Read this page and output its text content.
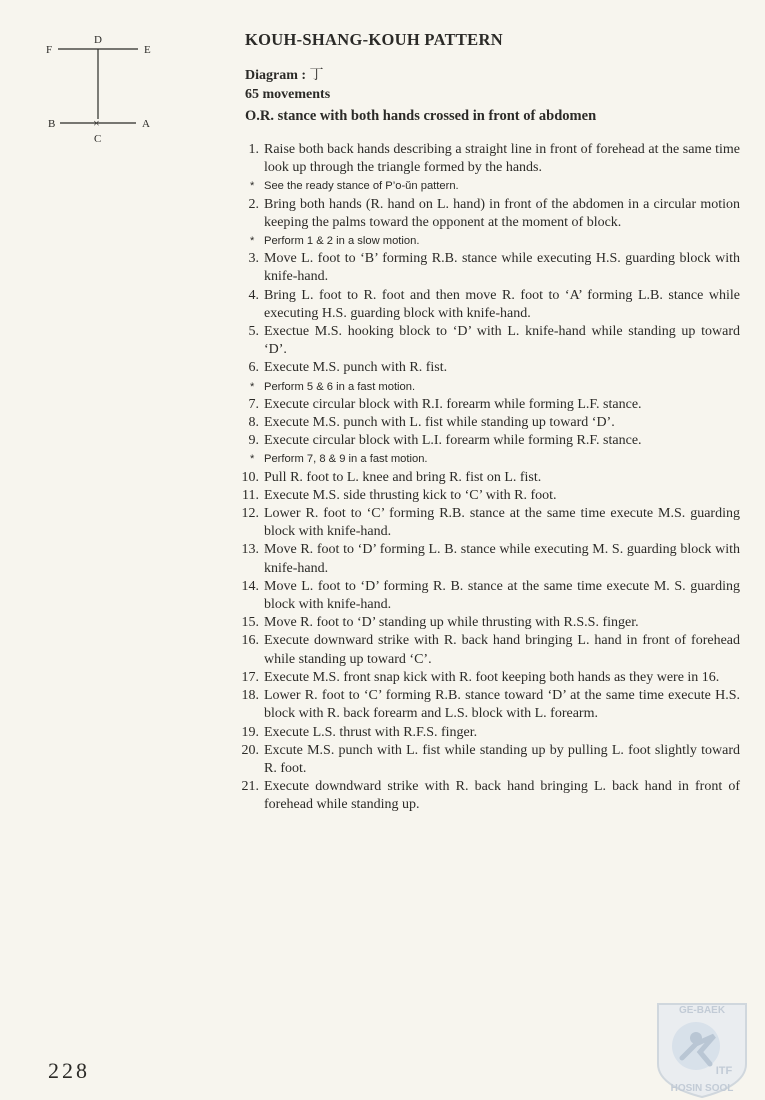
F
D
E
B	×	A
C
KOUH-SHANG-KOUH PATTERN

Diagram : 丁

65 movements

O.R. stance with both hands crossed in front of abdomen

1 . Raise both back hands describing a straight line in front of forehead at the same time look up through the triangle formed by the hands.
* See the ready stance of P’o-ŭn pattern.
2 . Bring both hands (R. hand on L. hand) in front of the abdomen in a circular motion keeping the palms toward the opponent at the moment of block.
* Perform 1 & 2 in a slow motion.
3 . Move L. foot to ‘B’ forming R.B. stance while executing H.S. guarding block with knife-hand.
4 . Bring L. foot to R. foot and then move R. foot to ‘A’ forming L.B. stance while executing H.S. guarding block with knife-hand.
5 . Exectue M.S. hooking block to ‘D’ with L. knife-hand while standing up toward ‘D’.
6 . Execute M.S. punch with R. fist.
* Perform 5 & 6 in a fast motion.
7 . Execute circular block with R.I. forearm while forming L.F. stance.
8 . Execute M.S. punch with L. fist while standing up toward ‘D’.
9 . Execute circular block with L.I. forearm while forming R.F. stance.
* Perform 7, 8 & 9 in a fast motion.
10 . Pull R. foot to L. knee and bring R. fist on L. fist.
11 . Execute M.S. side thrusting kick to ‘C’ with R. foot.
12 . Lower R. foot to ‘C’ forming R.B. stance at the same time execute M.S. guarding block with knife-hand.
13 . Move R. foot to ‘D’ forming L. B. stance while executing M. S. guarding block with knife-hand.
14 . Move L. foot to ‘D’ forming R. B. stance at the same time execute M. S. guarding block with knife-hand.
15 . Move R. foot to ‘D’ standing up while thrusting with R.S.S. finger.
16 . Execute downward strike with R. back hand bringing L. hand in front of forehead while standing up toward ‘C’.
17 . Execute M.S. front snap kick with R. foot keeping both hands as they were in 16.
18 . Lower R. foot to ‘C’ forming R.B. stance toward ‘D’ at the same time execute H.S. block with R. back forearm and L.S. block with L. forearm.
19 . Execute L.S. thrust with R.F.S. finger.
20 . Excute M.S. punch with L. fist while standing up by pulling L. foot slightly toward R. foot.
21 . Execute downdward strike with R. back hand bringing L. back hand in front of forehead while standing up.

228

GE-BAEK
ITF
HOSIN SOOL
